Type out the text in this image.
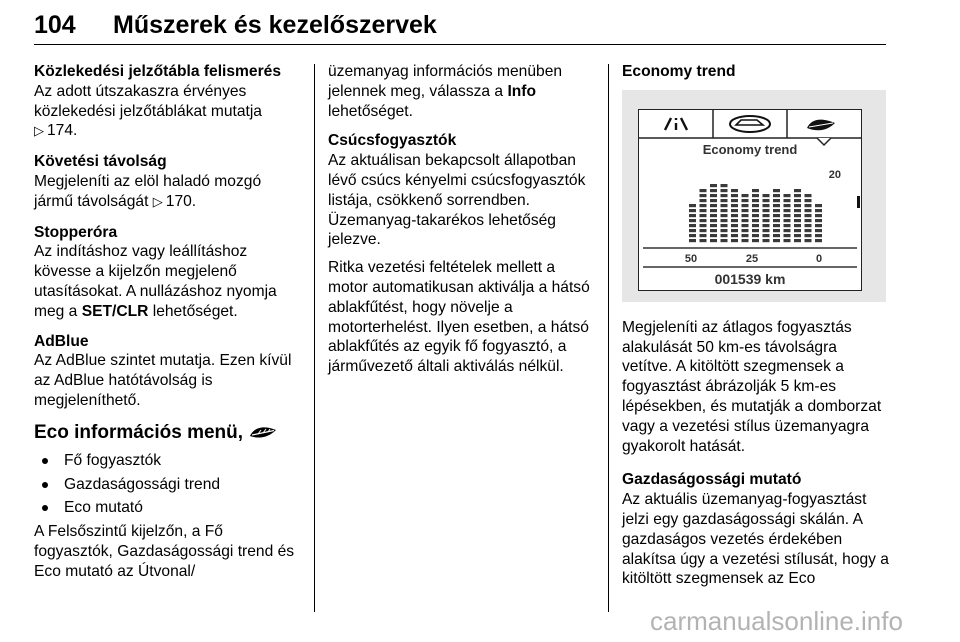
104 Műszerek és kezelőszervek

Közlekedési jelzőtábla felismerés

Az adott útszakaszra érvényes közlekedési jelzőtáblákat mutatja
▷ 174.

Követési távolság

Megjeleníti az elöl haladó mozgó jármű távolságát ▷ 170.

Stopperóra

Az indításhoz vagy leállításhoz kövesse a kijelzőn megjelenő utasításokat. A nullázáshoz nyomja meg a SET/CLR lehetőséget.

AdBlue

Az AdBlue szintet mutatja. Ezen kívül az AdBlue hatótávolság is megjeleníthető.

Eco információs menü,
Fő fogyasztók
Gazdaságossági trend
Eco mutató

A Felsőszintű kijelzőn, a Fő fogyasztók, Gazdaságossági trend és Eco mutató az Útvonal/

üzemanyag információs menüben jelennek meg, válassza a Info lehetőséget.

Csúcsfogyasztók

Az aktuálisan bekapcsolt állapotban lévő csúcs kényelmi csúcsfogyasztók listája, csökkenő sorrendben. Üzemanyag-takarékos lehetőség jelezve.

Ritka vezetési feltételek mellett a motor automatikusan aktiválja a hátsó ablakfűtést, hogy növelje a motorterhelést. Ilyen esetben, a hátsó ablakfűtés az egyik fő fogyasztó, a járművezető általi aktiválás nélkül.

Economy trend

Economy trend
20
50	25	0
001539 km

Megjeleníti az átlagos fogyasztás alakulását 50 km-es távolságra vetítve. A kitöltött szegmensek a fogyasztást ábrázolják 5 km-es lépésekben, és mutatják a domborzat vagy a vezetési stílus üzemanyagra gyakorolt hatását.

Gazdaságossági mutató

Az aktuális üzemanyag-fogyasztást jelzi egy gazdaságossági skálán. A gazdaságos vezetés érdekében alakítsa úgy a vezetési stílusát, hogy a kitöltött szegmensek az Eco

carmanualsonline.info
